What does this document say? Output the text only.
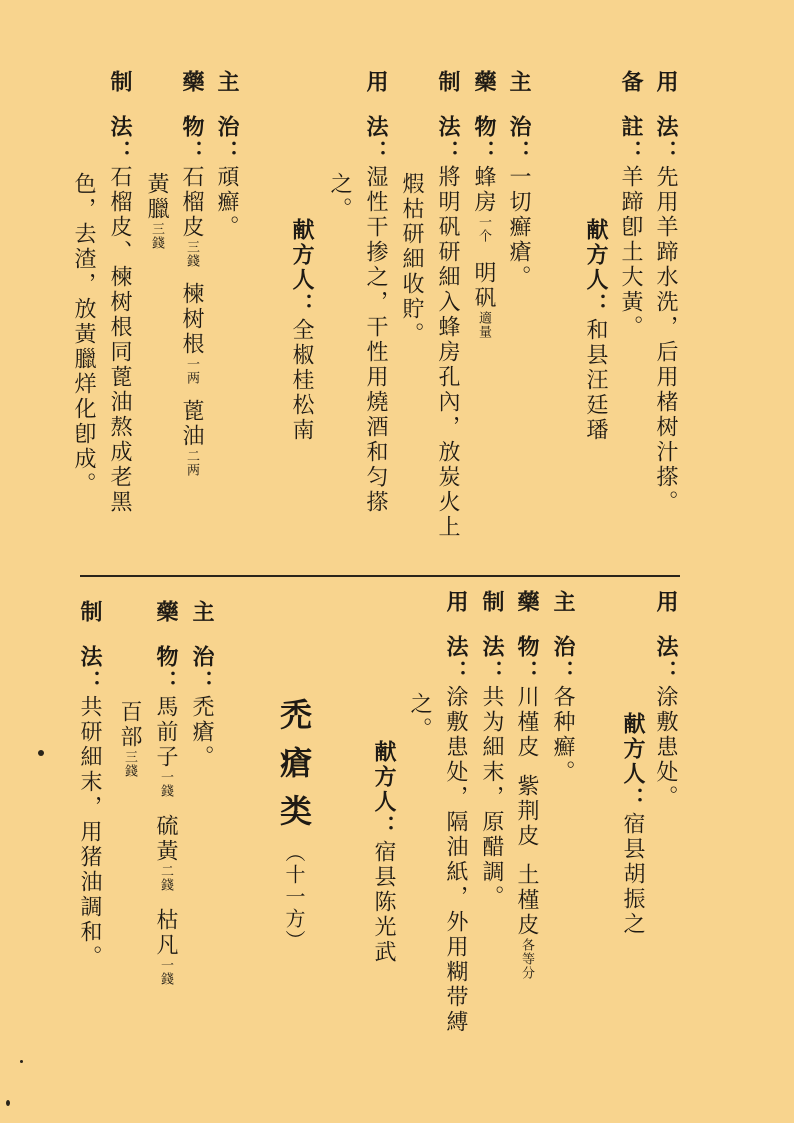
用法：先用羊蹄水洗，后用楮树汁搽。
备註：羊蹄卽土大黃。
献方人：和县汪廷璠
主治：一切癬瘡。
藥物：蜂房一个明矾適量
制法：將明矾研細入蜂房孔內，放炭火上
煆枯研細收貯。
用法：湿性干掺之，干性用燒酒和匀搽
之。
献方人：全椒桂松南
主治：頑癬。
藥物：石榴皮三錢楝树根一两蓖油二两
黃臘三錢
制法：石榴皮、楝树根同蓖油熬成老黑
色，去渣，放黃臘烊化卽成。
用法：涂敷患处。
献方人：宿县胡振之
主治：各种癬。
藥物：川槿皮紫荆皮土槿皮各等分
制法：共为細末，原醋調。
用法：涂敷患处，隔油紙，外用糊带縛
之。
献方人：宿县陈光武
禿瘡类（十一方）
主治：禿瘡。
藥物：馬前子一錢硫黃二錢枯凡一錢
百部三錢
制法：共研細末，用猪油調和。
